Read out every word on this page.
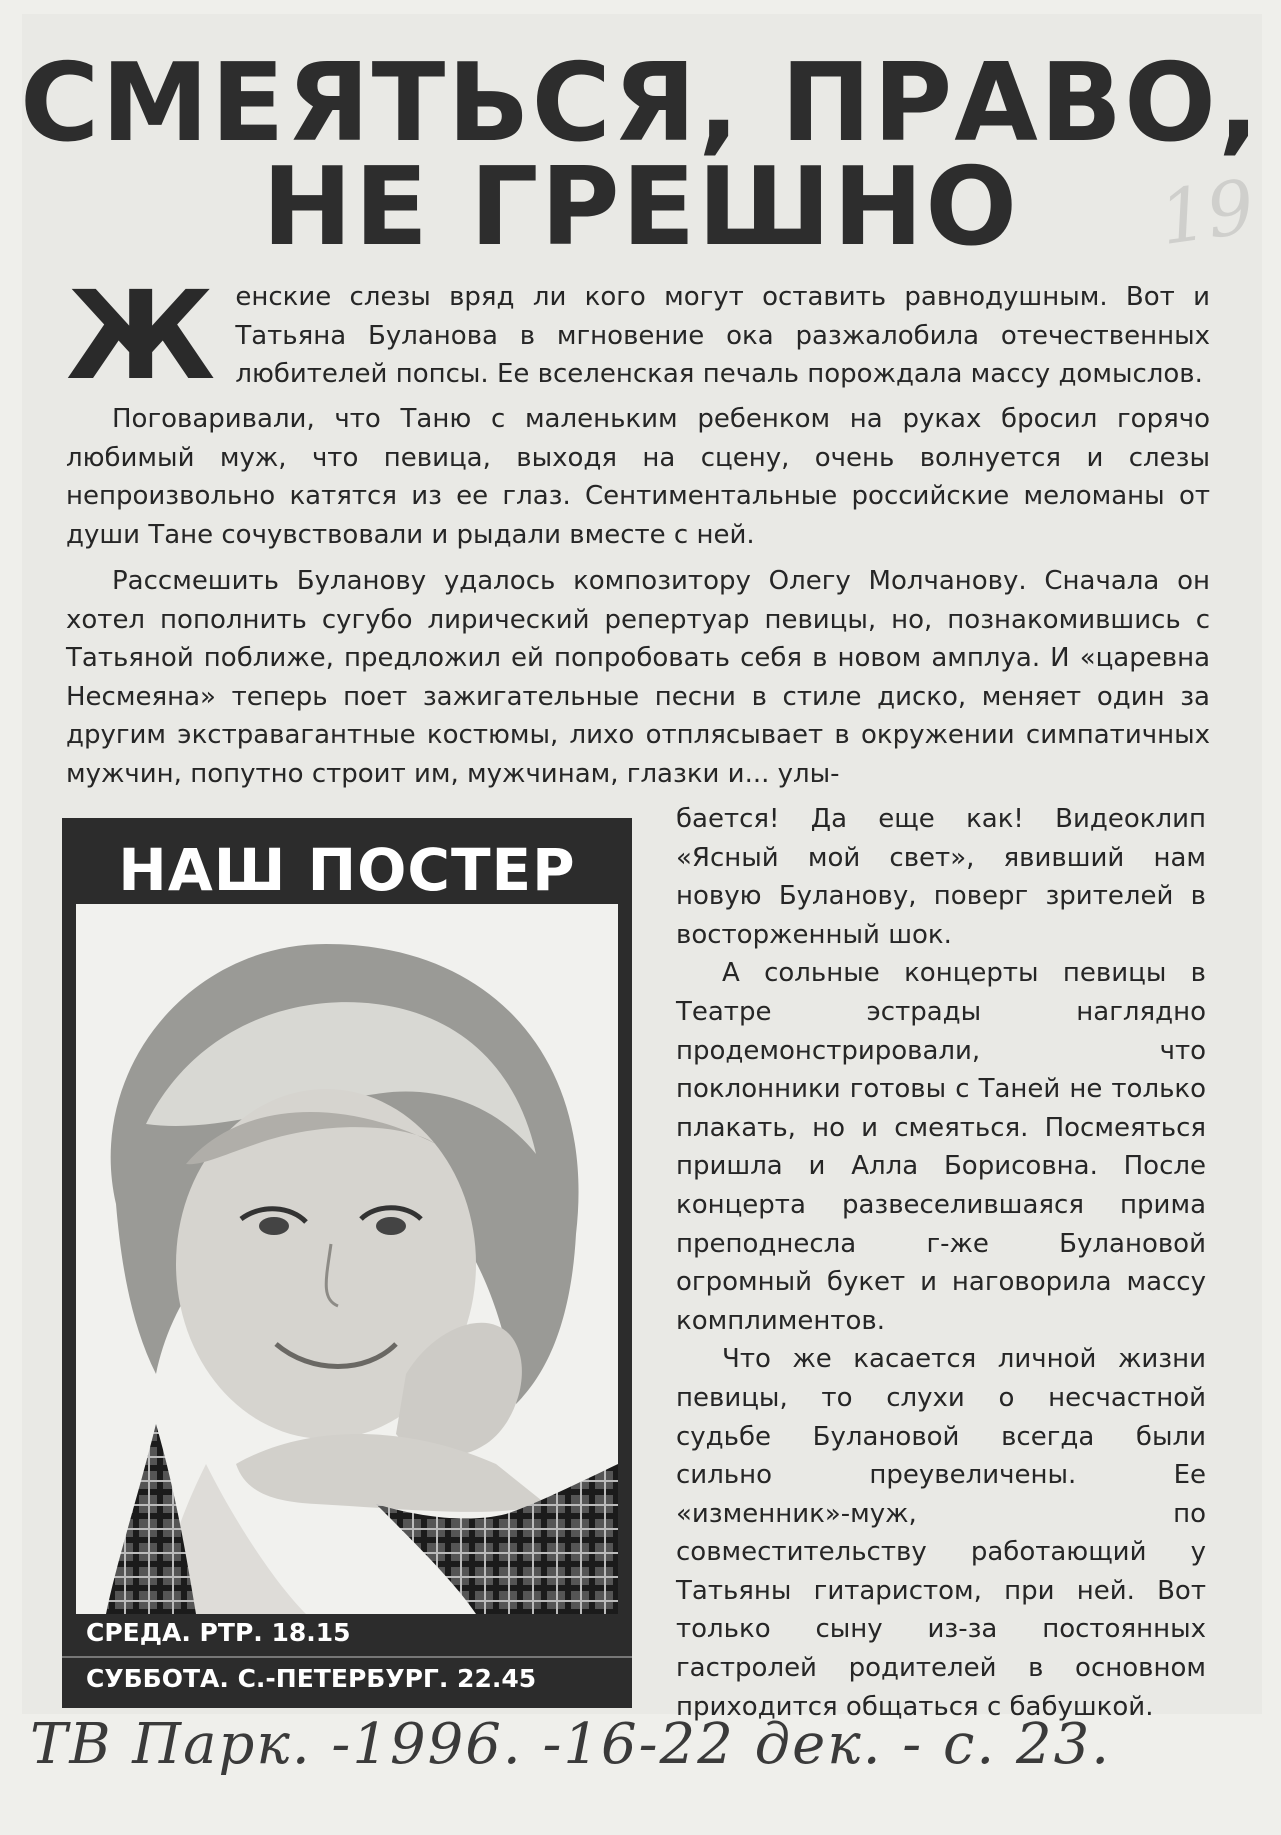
СМЕЯТЬСЯ, ПРАВО,
НЕ ГРЕШНО	19

Ж енские слезы вряд ли кого могут оставить равнодушным. Вот и Татьяна Буланова в мгновение ока разжалобила отечественных любителей попсы. Ее вселенская печаль порождала массу домыслов.

Поговаривали, что Таню с маленьким ребенком на руках бросил горячо любимый муж, что певица, выходя на сцену, очень волнуется и слезы непроизвольно катятся из ее глаз. Сентиментальные российские меломаны от души Тане сочувствовали и рыдали вместе с ней.

Рассмешить Буланову удалось композитору Олегу Молчанову. Сначала он хотел пополнить сугубо лирический репертуар певицы, но, познакомившись с Татьяной поближе, предложил ей попробовать себя в новом амплуа. И «царевна Несмеяна» теперь поет зажигательные песни в стиле диско, меняет один за другим экстравагантные костюмы, лихо отплясывает в окружении симпатичных мужчин, попутно строит им, мужчинам, глазки и... улы-

бается! Да еще как! Видеоклип «Ясный мой свет», явивший нам новую Буланову, поверг зрителей в восторженный шок.

А сольные концерты певицы в Театре эстрады наглядно продемонстрировали, что поклонники готовы с Таней не только плакать, но и смеяться. Посмеяться пришла и Алла Борисовна. После концерта развеселившаяся прима преподнесла г-же Булановой огромный букет и наговорила массу комплиментов.

Что же касается личной жизни певицы, то слухи о несчастной судьбе Булановой всегда были сильно преувеличены. Ее «изменник»-муж, по совместительству работающий у Татьяны гитаристом, при ней. Вот только сыну из-за постоянных гастролей родителей в основном приходится общаться с бабушкой.

НАШ ПОСТЕР
СРЕДА. РТР. 18.15
СУББОТА. С.-ПЕТЕРБУРГ. 22.45
ТВ Парк. -1996. -16-22 дек. - с. 23.
